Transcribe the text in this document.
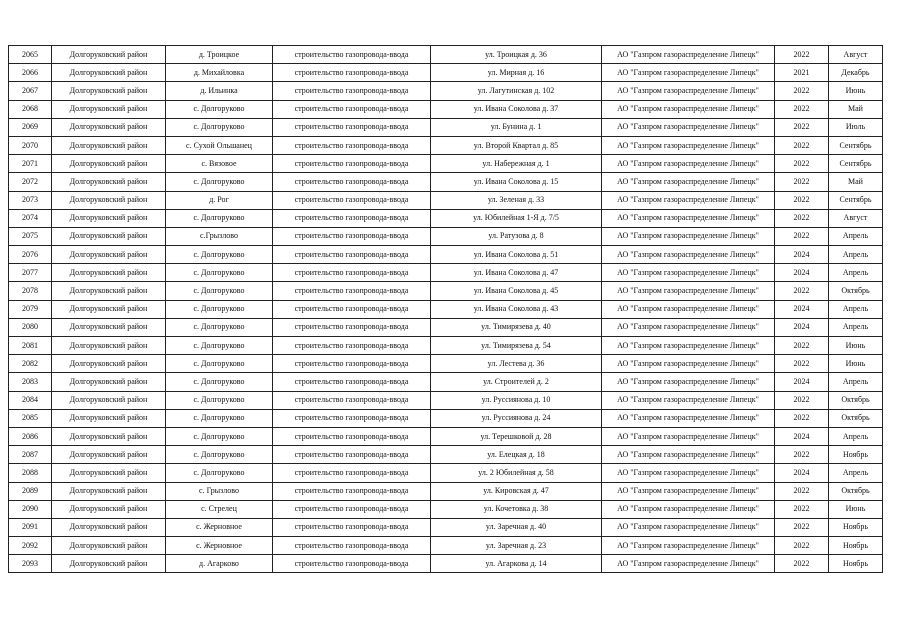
2065	Долгоруковский район	д. Троицкое	строительство газопровода-ввода	ул. Троицкая д. 36	АО "Газпром газораспределение Липецк"	2022	Август
2066	Долгоруковский район	д. Михайловка	строительство газопровода-ввода	ул. Мирная д. 16	АО "Газпром газораспределение Липецк"	2021	Декабрь
2067	Долгоруковский район	д. Ильинка	строительство газопровода-ввода	ул. Лагутинская д. 102	АО "Газпром газораспределение Липецк"	2022	Июнь
2068	Долгоруковский район	с. Долгоруково	строительство газопровода-ввода	ул. Ивана Соколова д. 37	АО "Газпром газораспределение Липецк"	2022	Май
2069	Долгоруковский район	с. Долгоруково	строительство газопровода-ввода	ул. Бунина д. 1	АО "Газпром газораспределение Липецк"	2022	Июль
2070	Долгоруковский район	с. Сухой Ольшанец	строительство газопровода-ввода	ул. Второй Квартал д. 85	АО "Газпром газораспределение Липецк"	2022	Сентябрь
2071	Долгоруковский район	с. Вязовое	строительство газопровода-ввода	ул. Набережная д. 1	АО "Газпром газораспределение Липецк"	2022	Сентябрь
2072	Долгоруковский район	с. Долгоруково	строительство газопровода-ввода	ул. Ивана Соколова д. 15	АО "Газпром газораспределение Липецк"	2022	Май
2073	Долгоруковский район	д. Рог	строительство газопровода-ввода	ул. Зеленая д. 33	АО "Газпром газораспределение Липецк"	2022	Сентябрь
2074	Долгоруковский район	с. Долгоруково	строительство газопровода-ввода	ул. Юбилейная 1-Я д. 7/5	АО "Газпром газораспределение Липецк"	2022	Август
2075	Долгоруковский район	с.Грызлово	строительство газопровода-ввода	ул. Ратузова д. 8	АО "Газпром газораспределение Липецк"	2022	Апрель
2076	Долгоруковский район	с. Долгоруково	строительство газопровода-ввода	ул. Ивана Соколова д. 51	АО "Газпром газораспределение Липецк"	2024	Апрель
2077	Долгоруковский район	с. Долгоруково	строительство газопровода-ввода	ул. Ивана Соколова д. 47	АО "Газпром газораспределение Липецк"	2024	Апрель
2078	Долгоруковский район	с. Долгоруково	строительство газопровода-ввода	ул. Ивана Соколова д. 45	АО "Газпром газораспределение Липецк"	2022	Октябрь
2079	Долгоруковский район	с. Долгоруково	строительство газопровода-ввода	ул. Ивана Соколова д. 43	АО "Газпром газораспределение Липецк"	2024	Апрель
2080	Долгоруковский район	с. Долгоруково	строительство газопровода-ввода	ул. Тимирязева д. 40	АО "Газпром газораспределение Липецк"	2024	Апрель
2081	Долгоруковский район	с. Долгоруково	строительство газопровода-ввода	ул. Тимирязева д. 54	АО "Газпром газораспределение Липецк"	2022	Июнь
2082	Долгоруковский район	с. Долгоруково	строительство газопровода-ввода	ул. Лестева д. 36	АО "Газпром газораспределение Липецк"	2022	Июнь
2083	Долгоруковский район	с. Долгоруково	строительство газопровода-ввода	ул. Строителей д. 2	АО "Газпром газораспределение Липецк"	2024	Апрель
2084	Долгоруковский район	с. Долгоруково	строительство газопровода-ввода	ул. Руссиянова д. 10	АО "Газпром газораспределение Липецк"	2022	Октябрь
2085	Долгоруковский район	с. Долгоруково	строительство газопровода-ввода	ул. Руссиянова д. 24	АО "Газпром газораспределение Липецк"	2022	Октябрь
2086	Долгоруковский район	с. Долгоруково	строительство газопровода-ввода	ул. Терешковой д. 28	АО "Газпром газораспределение Липецк"	2024	Апрель
2087	Долгоруковский район	с. Долгоруково	строительство газопровода-ввода	ул. Елецкая д. 18	АО "Газпром газораспределение Липецк"	2022	Ноябрь
2088	Долгоруковский район	с. Долгоруково	строительство газопровода-ввода	ул. 2 Юбилейная д. 58	АО "Газпром газораспределение Липецк"	2024	Апрель
2089	Долгоруковский район	с. Грызлово	строительство газопровода-ввода	ул. Кировская д. 47	АО "Газпром газораспределение Липецк"	2022	Октябрь
2090	Долгоруковский район	с. Стрелец	строительство газопровода-ввода	ул. Кочетовка д. 38	АО "Газпром газораспределение Липецк"	2022	Июнь
2091	Долгоруковский район	с. Жерновное	строительство газопровода-ввода	ул. Заречная д. 40	АО "Газпром газораспределение Липецк"	2022	Ноябрь
2092	Долгоруковский район	с. Жерновное	строительство газопровода-ввода	ул. Заречная д. 23	АО "Газпром газораспределение Липецк"	2022	Ноябрь
2093	Долгоруковский район	д. Агарково	строительство газопровода-ввода	ул. Агаркова д. 14	АО "Газпром газораспределение Липецк"	2022	Ноябрь
